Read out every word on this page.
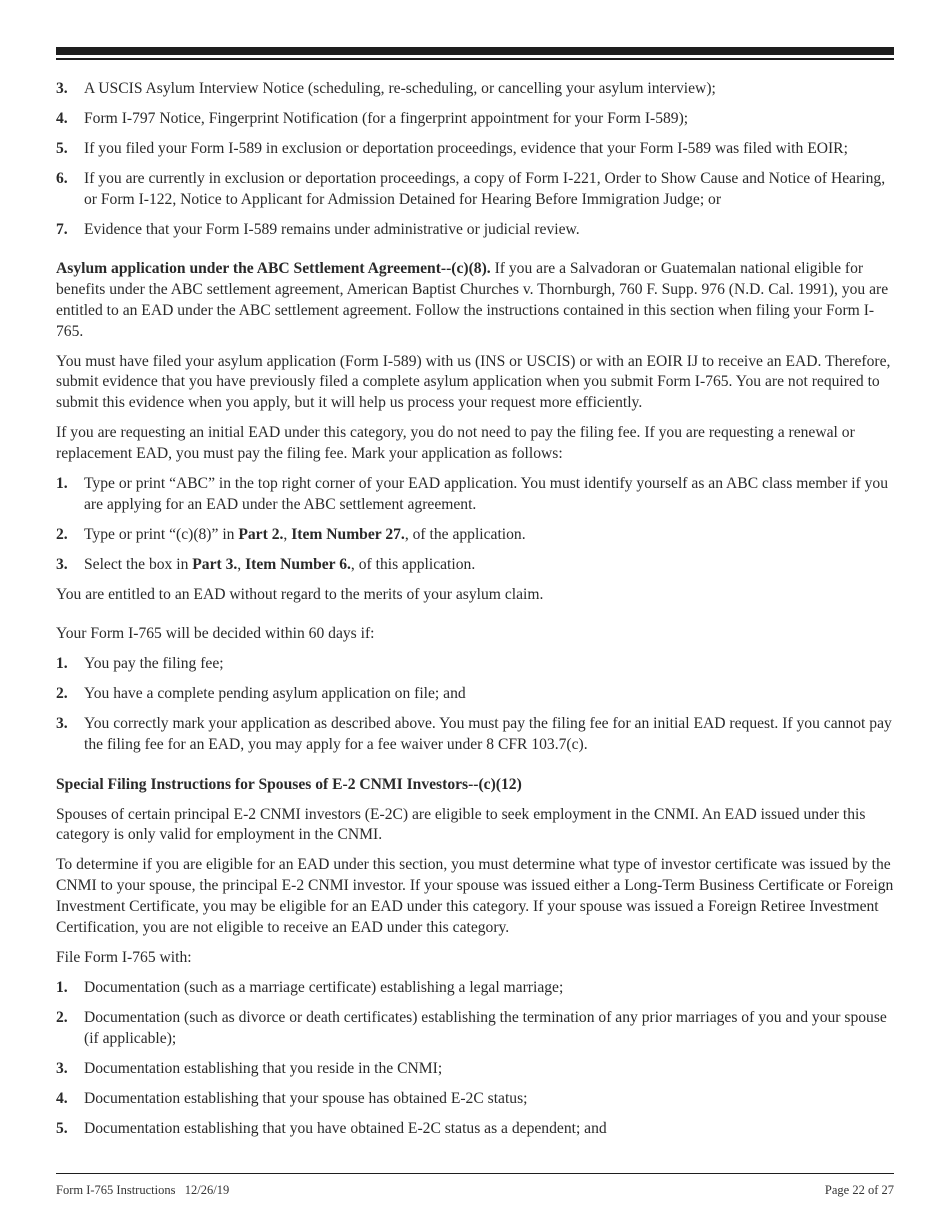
3.	A USCIS Asylum Interview Notice (scheduling, re-scheduling, or cancelling your asylum interview);
4.	Form I-797 Notice, Fingerprint Notification (for a fingerprint appointment for your Form I-589);
5.	If you filed your Form I-589 in exclusion or deportation proceedings, evidence that your Form I-589 was filed with EOIR;
6.	If you are currently in exclusion or deportation proceedings, a copy of Form I-221, Order to Show Cause and Notice of Hearing, or Form I-122, Notice to Applicant for Admission Detained for Hearing Before Immigration Judge; or
7.	Evidence that your Form I-589 remains under administrative or judicial review.

Asylum application under the ABC Settlement Agreement--(c)(8). If you are a Salvadoran or Guatemalan national eligible for benefits under the ABC settlement agreement, American Baptist Churches v. Thornburgh, 760 F. Supp. 976 (N.D. Cal. 1991), you are entitled to an EAD under the ABC settlement agreement. Follow the instructions contained in this section when filing your Form I-765.

You must have filed your asylum application (Form I-589) with us (INS or USCIS) or with an EOIR IJ to receive an EAD. Therefore, submit evidence that you have previously filed a complete asylum application when you submit Form I-765. You are not required to submit this evidence when you apply, but it will help us process your request more efficiently.

If you are requesting an initial EAD under this category, you do not need to pay the filing fee. If you are requesting a renewal or replacement EAD, you must pay the filing fee. Mark your application as follows:

1.	Type or print “ABC” in the top right corner of your EAD application. You must identify yourself as an ABC class member if you are applying for an EAD under the ABC settlement agreement.
2.	Type or print “(c)(8)” in Part 2., Item Number 27., of the application.
3.	Select the box in Part 3., Item Number 6., of this application.

You are entitled to an EAD without regard to the merits of your asylum claim.

Your Form I-765 will be decided within 60 days if:

1.	You pay the filing fee;
2.	You have a complete pending asylum application on file; and
3.	You correctly mark your application as described above. You must pay the filing fee for an initial EAD request. If you cannot pay the filing fee for an EAD, you may apply for a fee waiver under 8 CFR 103.7(c).

Special Filing Instructions for Spouses of E-2 CNMI Investors--(c)(12)

Spouses of certain principal E-2 CNMI investors (E-2C) are eligible to seek employment in the CNMI. An EAD issued under this category is only valid for employment in the CNMI.

To determine if you are eligible for an EAD under this section, you must determine what type of investor certificate was issued by the CNMI to your spouse, the principal E-2 CNMI investor. If your spouse was issued either a Long-Term Business Certificate or Foreign Investment Certificate, you may be eligible for an EAD under this category. If your spouse was issued a Foreign Retiree Investment Certification, you are not eligible to receive an EAD under this category.

File Form I-765 with:

1.	Documentation (such as a marriage certificate) establishing a legal marriage;
2.	Documentation (such as divorce or death certificates) establishing the termination of any prior marriages of you and your spouse (if applicable);
3.	Documentation establishing that you reside in the CNMI;
4.	Documentation establishing that your spouse has obtained E-2C status;
5.	Documentation establishing that you have obtained E-2C status as a dependent; and
Form I-765 Instructions   12/26/19	Page 22 of 27
